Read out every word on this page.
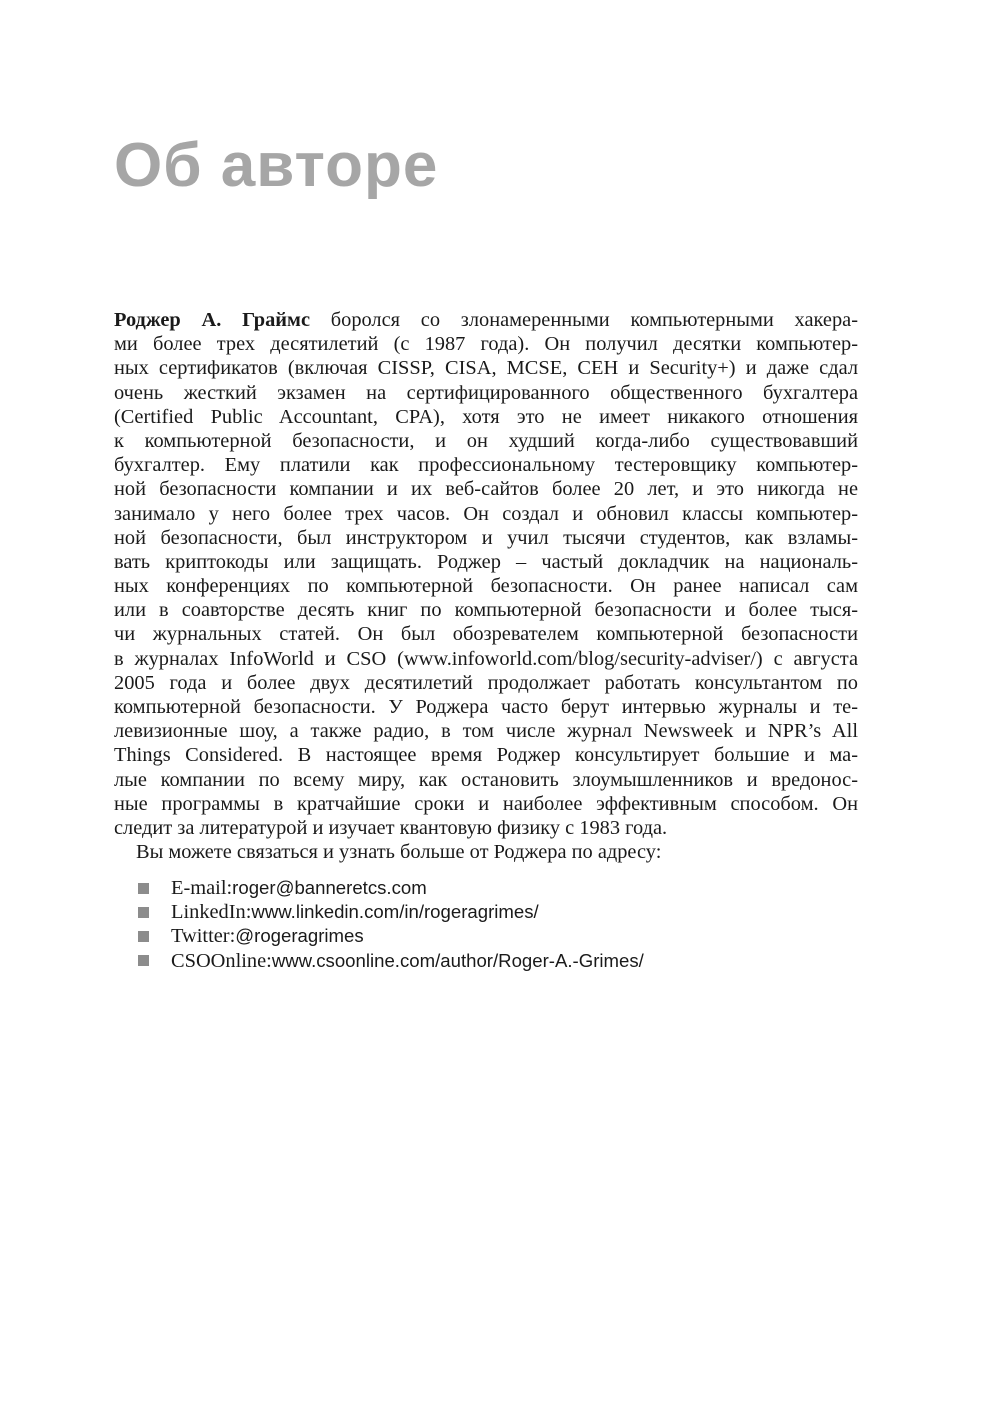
Об авторе
Роджер А. Граймс боролся со злонамеренными компьютерными хакера-
ми более трех десятилетий (с 1987 года). Он получил десятки компьютер-
ных сертификатов (включая CISSP, CISA, MCSE, CEH и Security+) и даже сдал
очень жесткий экзамен на сертифицированного общественного бухгалтера
(Certified Public Accountant, CPA), хотя это не имеет никакого отношения
к компьютерной безопасности, и он худший когда-либо существовавший
бухгалтер. Ему платили как профессиональному тестеровщику компьютер-
ной безопасности компании и их веб-сайтов более 20 лет, и это никогда не
занимало у него более трех часов. Он создал и обновил классы компьютер-
ной безопасности, был инструктором и учил тысячи студентов, как взламы-
вать криптокоды или защищать. Роджер – частый докладчик на националь-
ных конференциях по компьютерной безопасности. Он ранее написал сам
или в соавторстве десять книг по компьютерной безопасности и более тыся-
чи журнальных статей. Он был обозревателем компьютерной безопасности
в журналах InfoWorld и CSO (www.infoworld.com/blog/security-adviser/) с августа
2005 года и более двух десятилетий продолжает работать консультантом по
компьютерной безопасности. У Роджера часто берут интервью журналы и те-
левизионные шоу, а также радио, в том числе журнал Newsweek и NPR’s All
Things Considered. В настоящее время Роджер консультирует большие и ма-
лые компании по всему миру, как остановить злоумышленников и вредонос-
ные программы в кратчайшие сроки и наиболее эффективным способом. Он
следит за литературой и изучает квантовую физику с 1983 года.
Вы можете связаться и узнать больше от Роджера по адресу:
E-mail: roger@banneretcs.com
LinkedIn: www.linkedin.com/in/rogeragrimes/
Twitter: @rogeragrimes
CSOOnline: www.csoonline.com/author/Roger-A.-Grimes/
